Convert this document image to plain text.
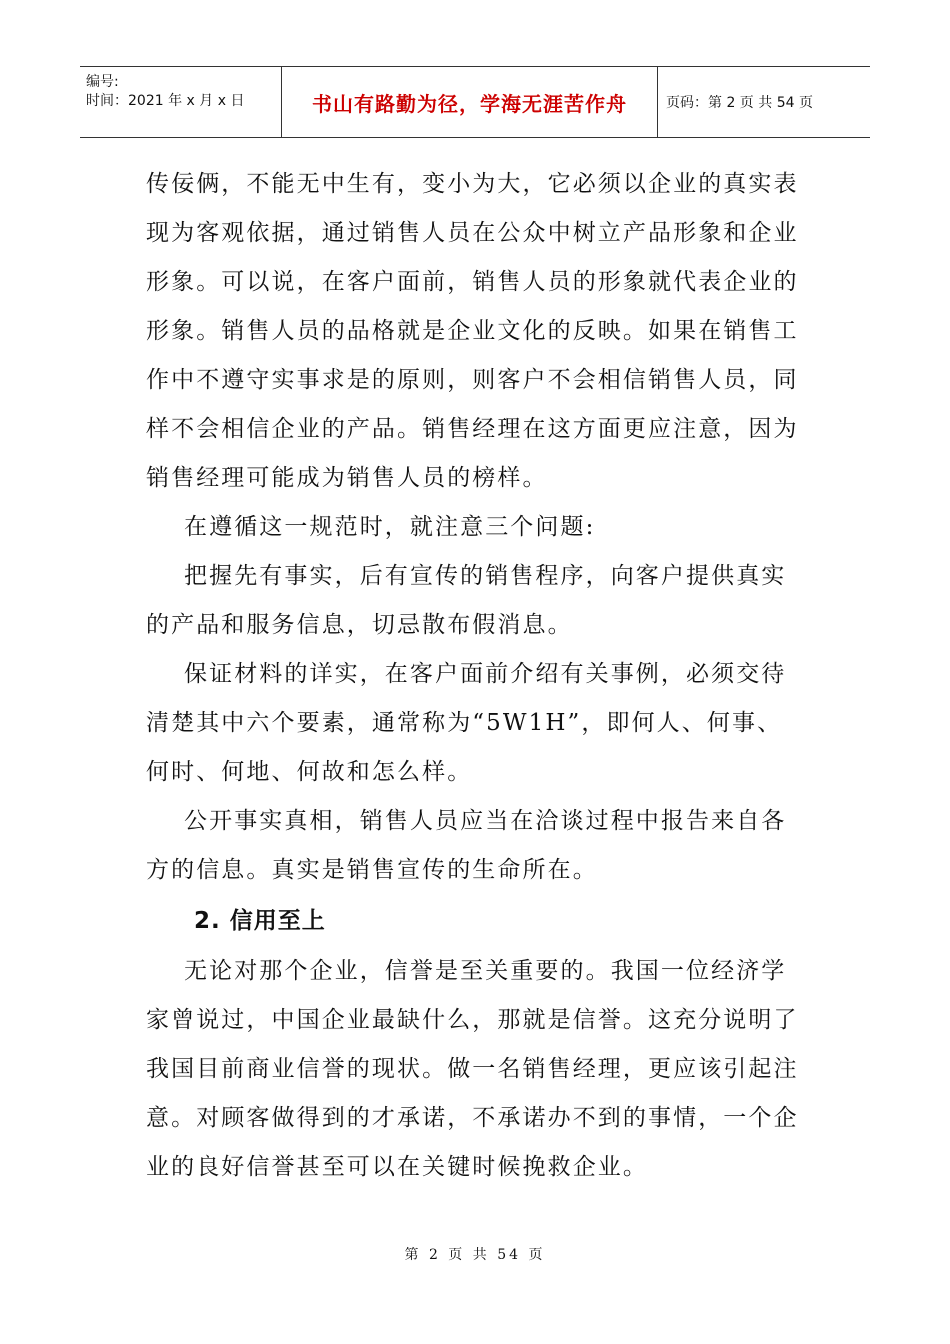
编号:
时间：2021 年 x 月 x 日	书山有路勤为径，学海无涯苦作舟	页码：第 2 页 共 54 页

传佞俩，不能无中生有，变小为大，它必须以企业的真实表现为客观依据，通过销售人员在公众中树立产品形象和企业形象。可以说，在客户面前，销售人员的形象就代表企业的形象。销售人员的品格就是企业文化的反映。如果在销售工作中不遵守实事求是的原则，则客户不会相信销售人员，同样不会相信企业的产品。销售经理在这方面更应注意，因为销售经理可能成为销售人员的榜样。

在遵循这一规范时，就注意三个问题:

把握先有事实，后有宣传的销售程序，向客户提供真实的产品和服务信息，切忌散布假消息。

保证材料的详实，在客户面前介绍有关事例，必须交待清楚其中六个要素，通常称为“5W1H”，即何人、何事、何时、何地、何故和怎么样。

公开事实真相，销售人员应当在洽谈过程中报告来自各方的信息。真实是销售宣传的生命所在。

2. 信用至上

无论对那个企业，信誉是至关重要的。我国一位经济学家曾说过，中国企业最缺什么，那就是信誉。这充分说明了我国目前商业信誉的现状。做一名销售经理，更应该引起注意。对顾客做得到的才承诺，不承诺办不到的事情，一个企业的良好信誉甚至可以在关键时候挽救企业。

第 2 页 共 54 页
